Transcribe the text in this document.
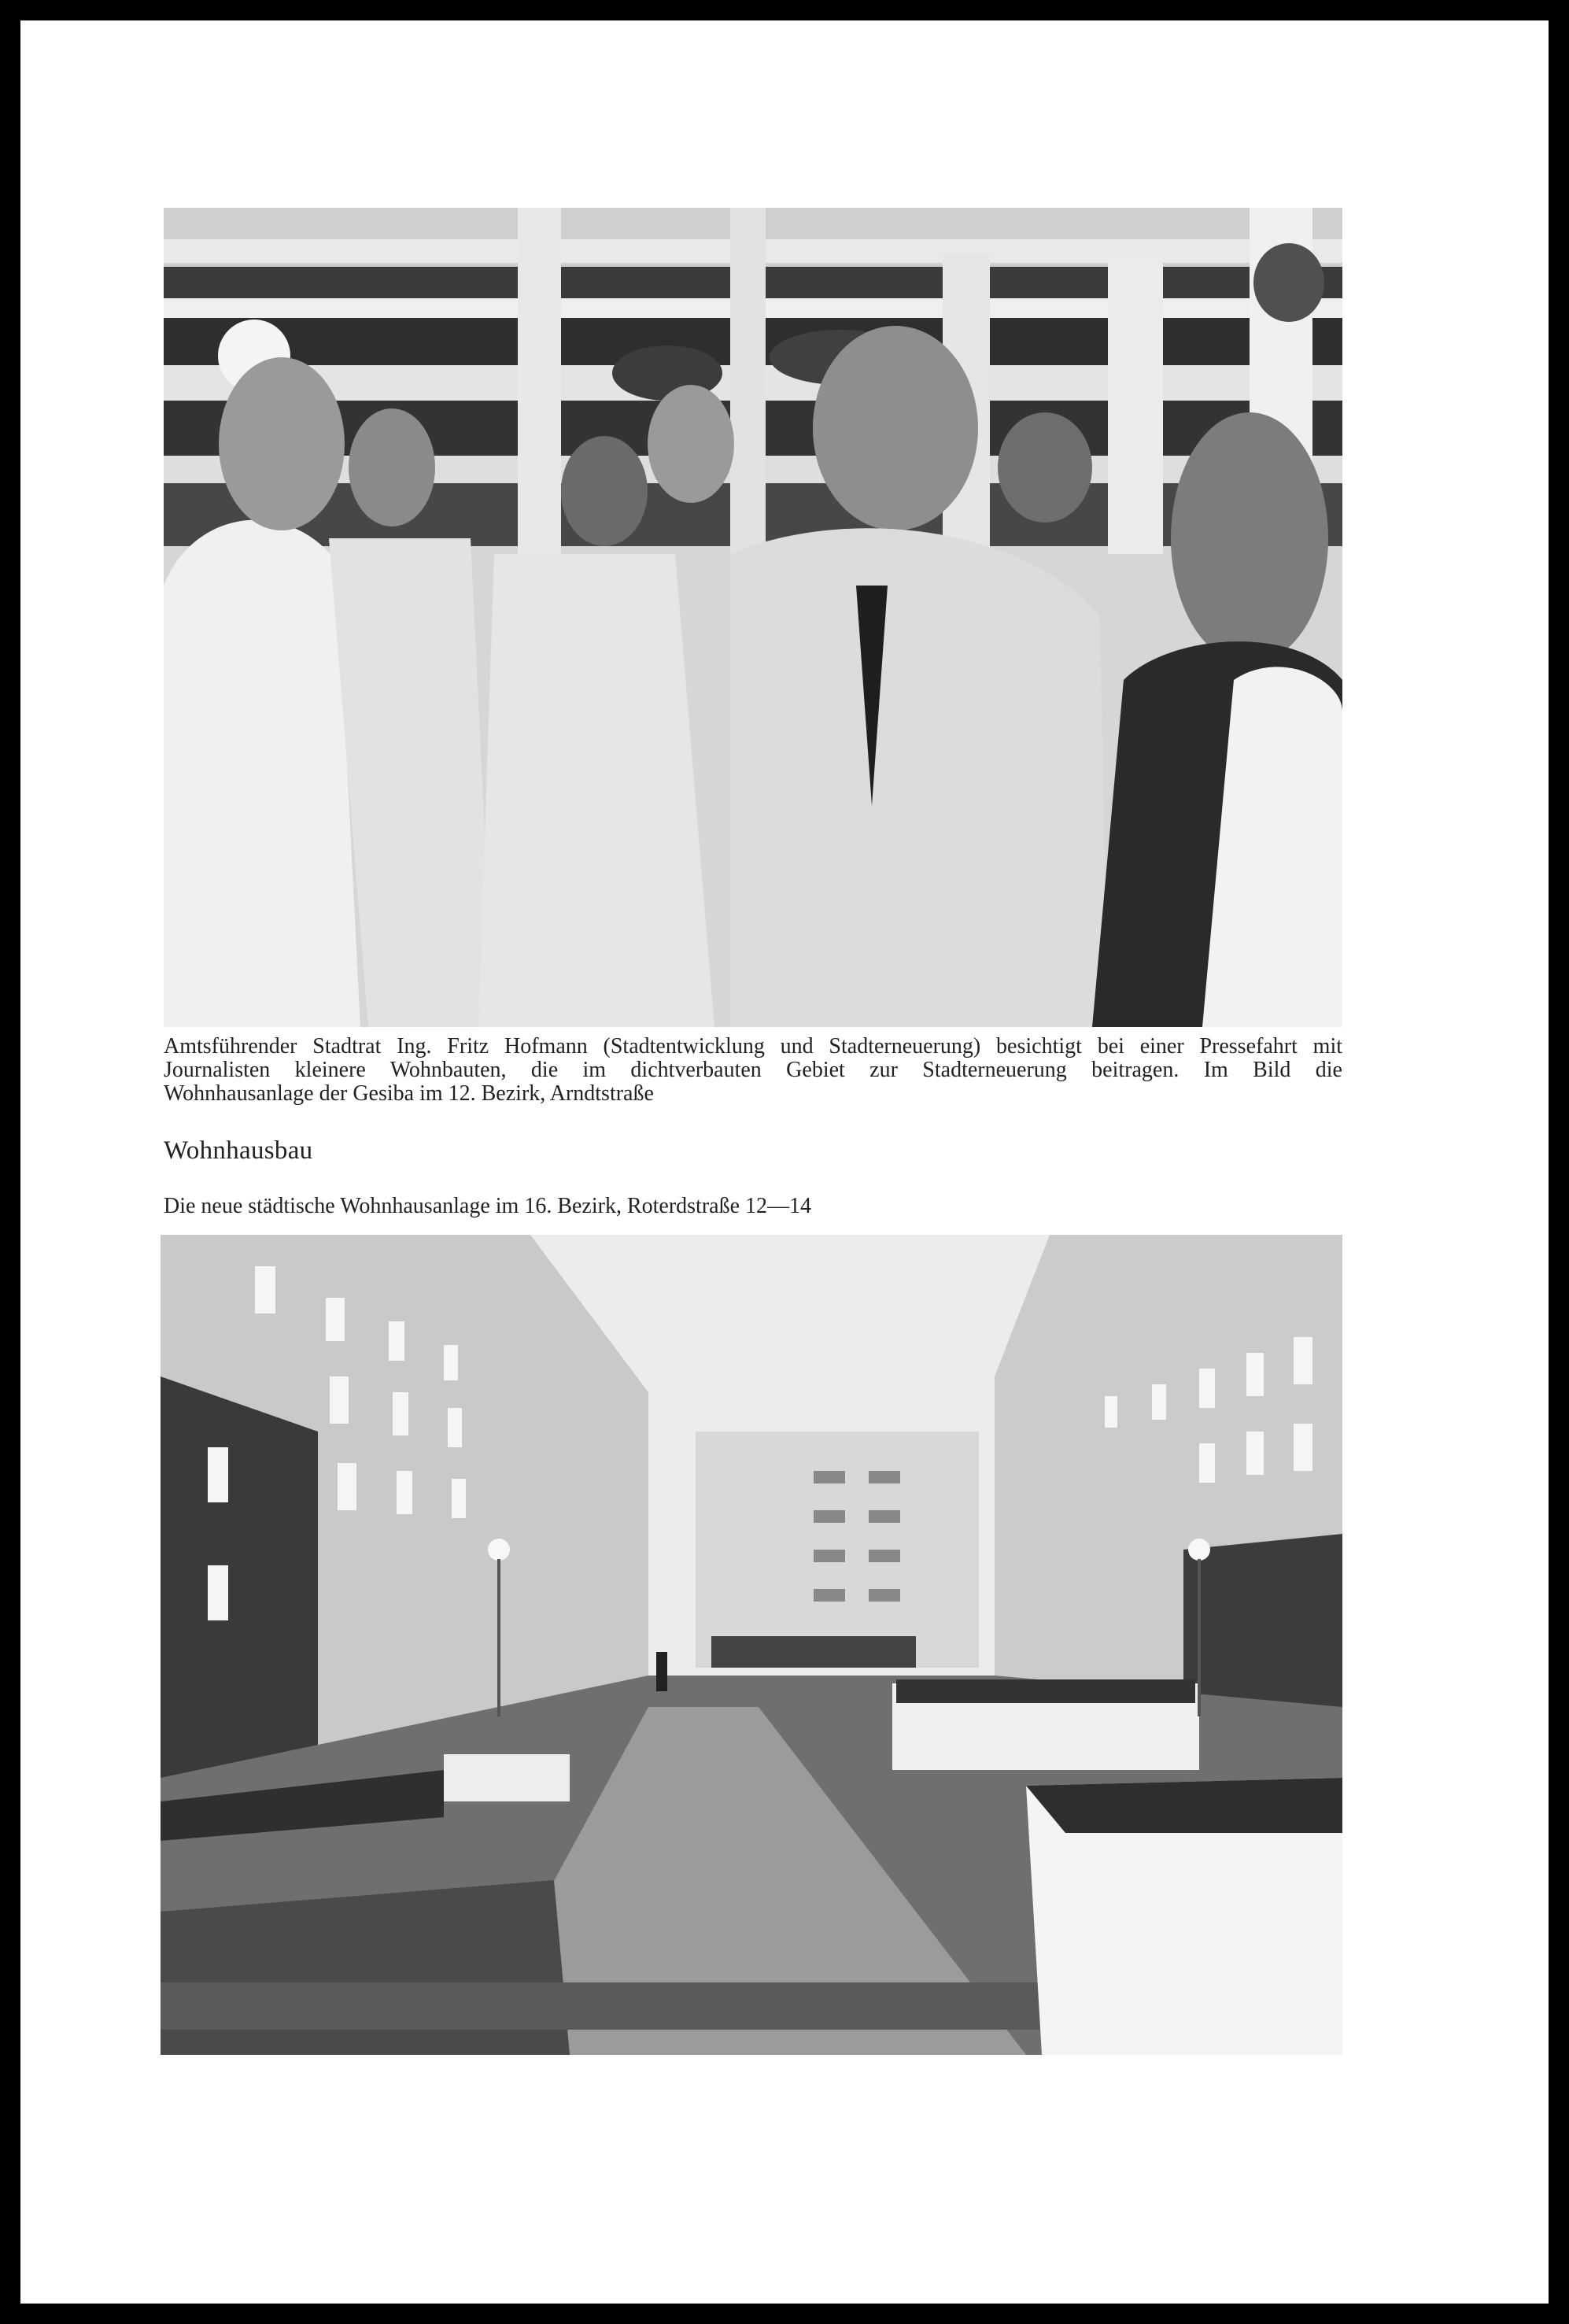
Amtsführender Stadtrat Ing. Fritz Hofmann (Stadtentwicklung und Stadterneuerung) besichtigt bei einer Pressefahrt mit
Journalisten kleinere Wohnbauten, die im dichtverbauten Gebiet zur Stadterneuerung beitragen. Im Bild die
Wohnhausanlage der Gesiba im 12. Bezirk, Arndtstraße
Wohnhausbau
Die neue städtische Wohnhausanlage im 16. Bezirk, Roterdstraße 12—14
